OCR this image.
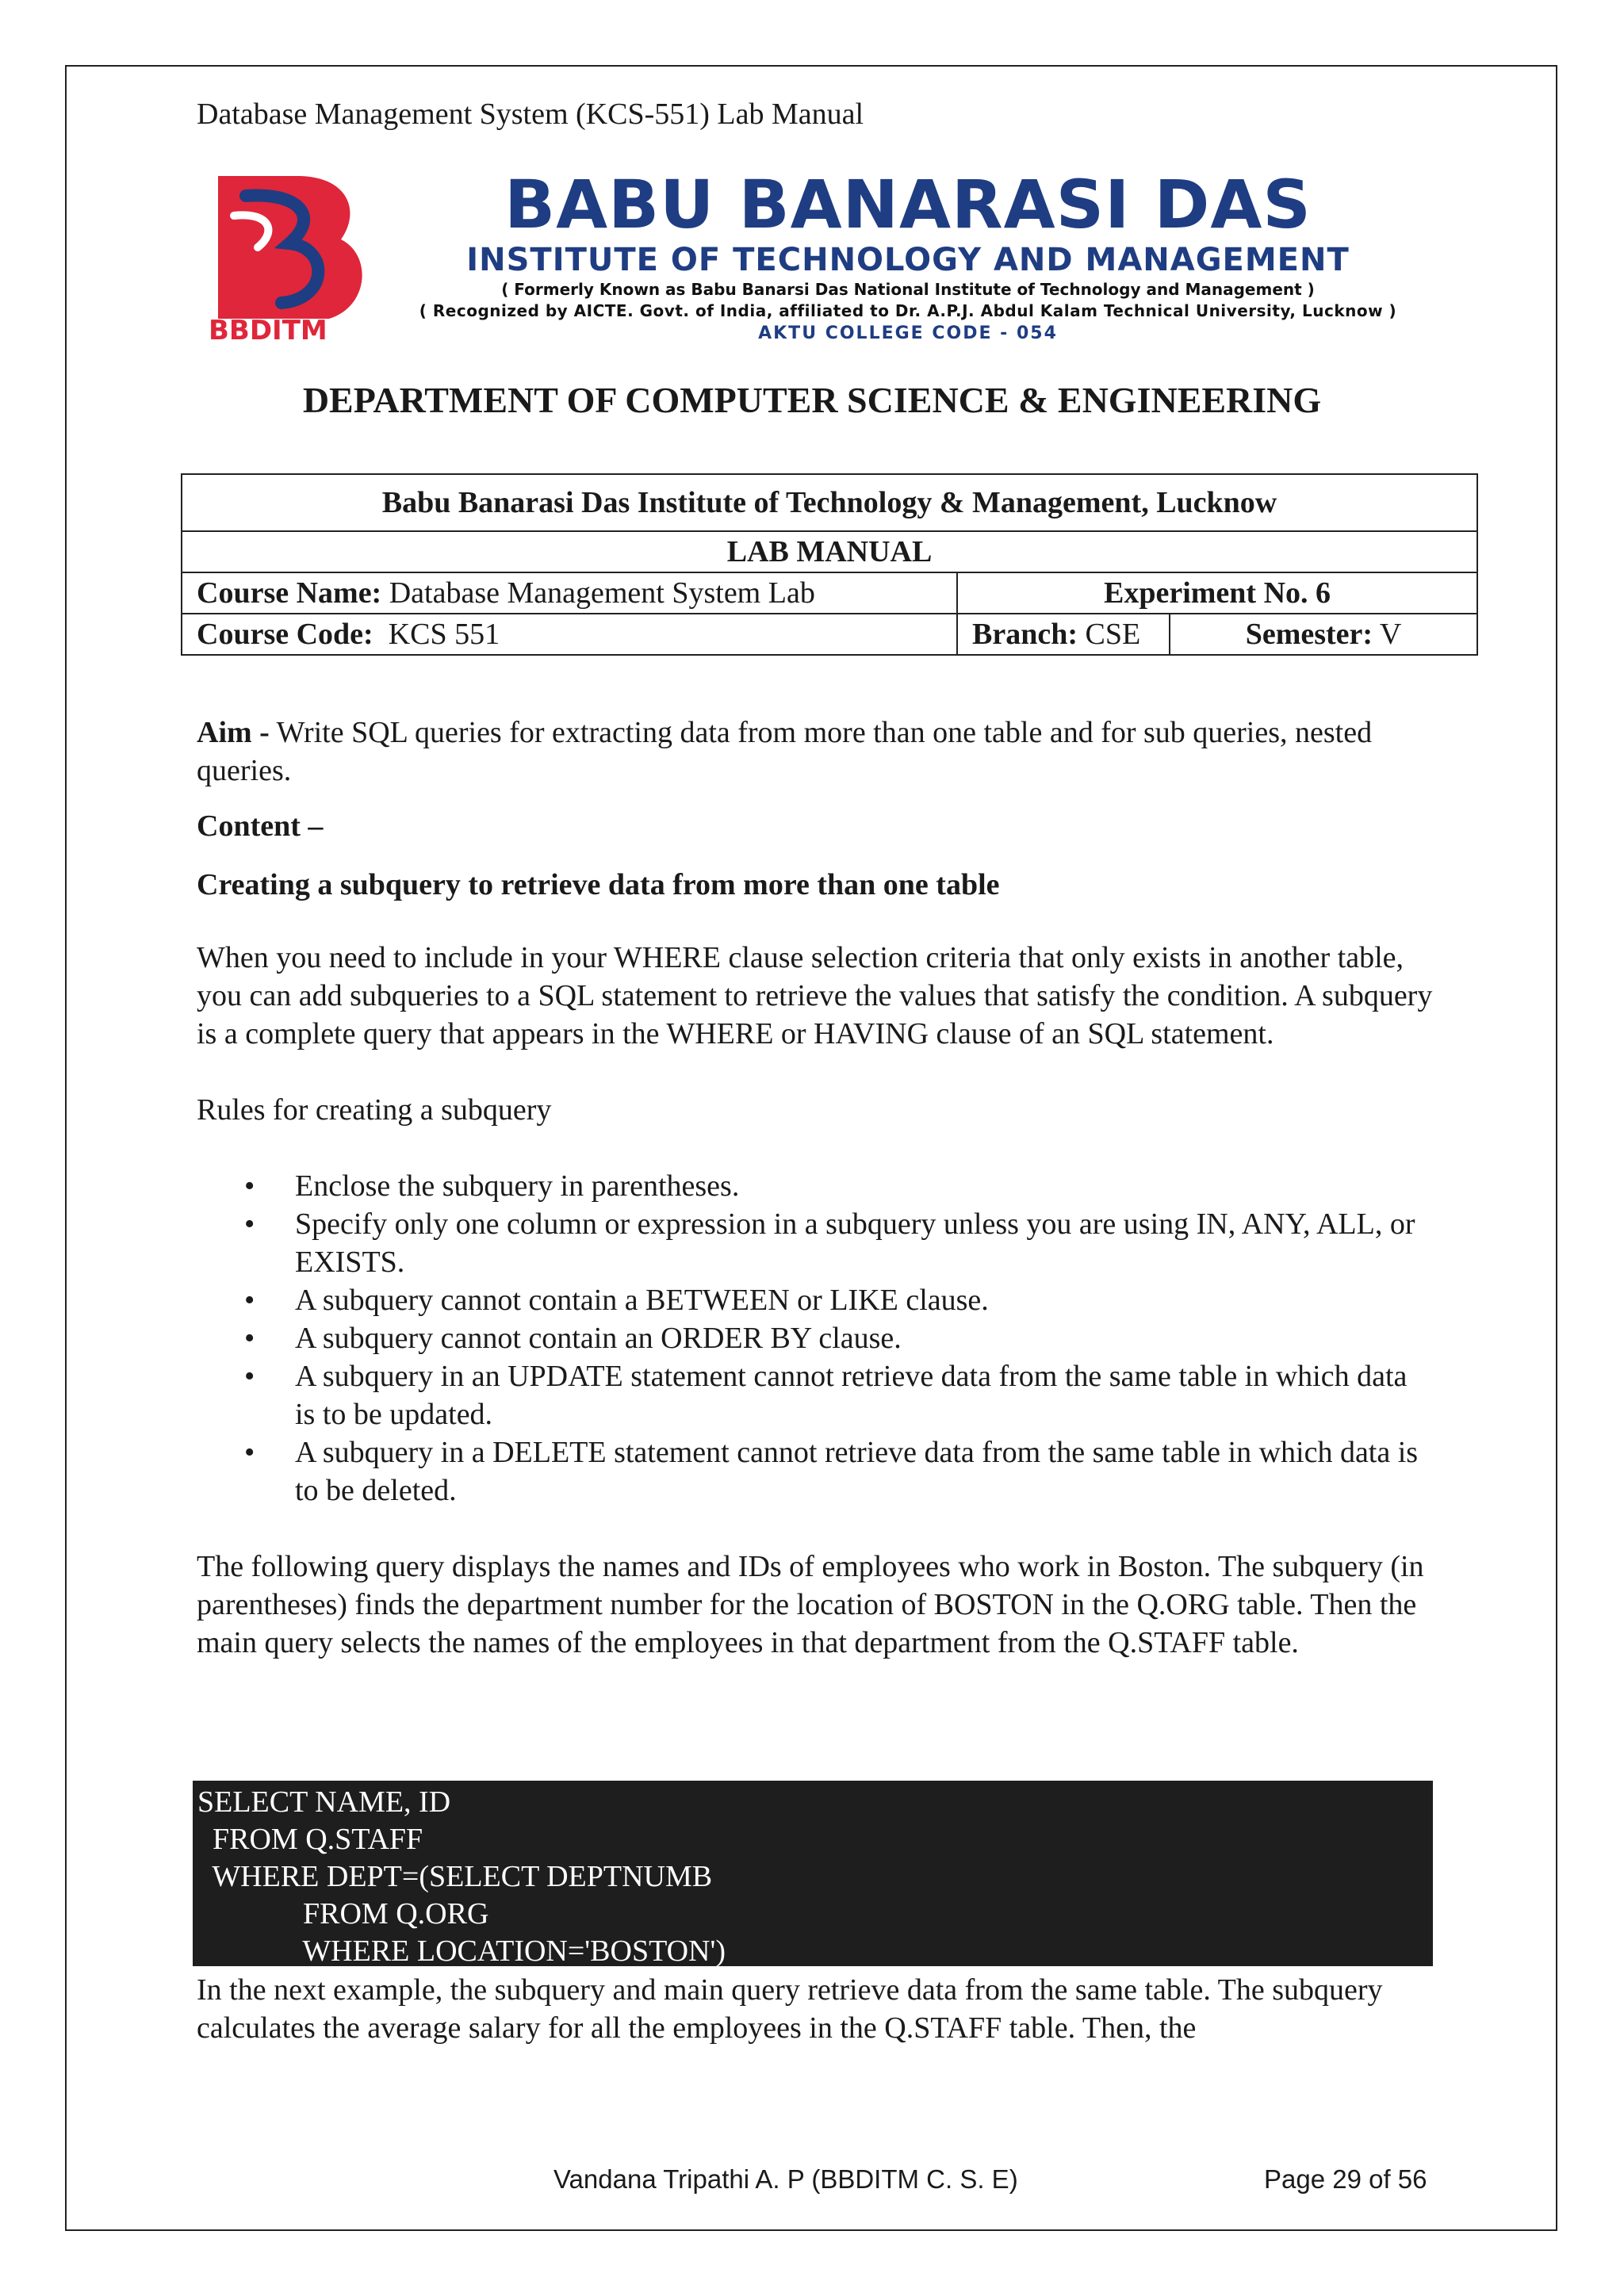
Database Management System (KCS-551) Lab Manual
BBDITM
BABU BANARASI DAS
INSTITUTE OF TECHNOLOGY AND MANAGEMENT
( Formerly Known as Babu Banarsi Das National Institute of Technology and Management )
( Recognized by AICTE. Govt. of India, affiliated to Dr. A.P.J. Abdul Kalam Technical University, Lucknow )
AKTU COLLEGE CODE - 054
DEPARTMENT OF COMPUTER SCIENCE & ENGINEERING
Babu Banarasi Das Institute of Technology & Management, Lucknow		
LAB MANUAL		
Course Name: Database Management System Lab	Experiment No. 6	
Course Code:  KCS 551	Branch: CSE	Semester: V

Aim - Write SQL queries for extracting data from more than one table and for sub queries, nested queries.

Content –

Creating a subquery to retrieve data from more than one table

When you need to include in your WHERE clause selection criteria that only exists in another table, you can add subqueries to a SQL statement to retrieve the values that satisfy the condition. A subquery is a complete query that appears in the WHERE or HAVING clause of an SQL statement.

Rules for creating a subquery

• Enclose the subquery in parentheses.
• Specify only one column or expression in a subquery unless you are using IN, ANY, ALL, or EXISTS.
• A subquery cannot contain a BETWEEN or LIKE clause.
• A subquery cannot contain an ORDER BY clause.
• A subquery in an UPDATE statement cannot retrieve data from the same table in which data is to be updated.
• A subquery in a DELETE statement cannot retrieve data from the same table in which data is to be deleted.

The following query displays the names and IDs of employees who work in Boston. The subquery (in parentheses) finds the department number for the location of BOSTON in the Q.ORG table. Then the main query selects the names of the employees in that department from the Q.STAFF table.

SELECT NAME, ID
FROM Q.STAFF
WHERE DEPT=(SELECT DEPTNUMB
FROM Q.ORG
WHERE LOCATION='BOSTON')
In the next example, the subquery and main query retrieve data from the same table. The subquery calculates the average salary for all the employees in the Q.STAFF table. Then, the
Vandana Tripathi A. P (BBDITM C. S. E)	Page 29 of 56
